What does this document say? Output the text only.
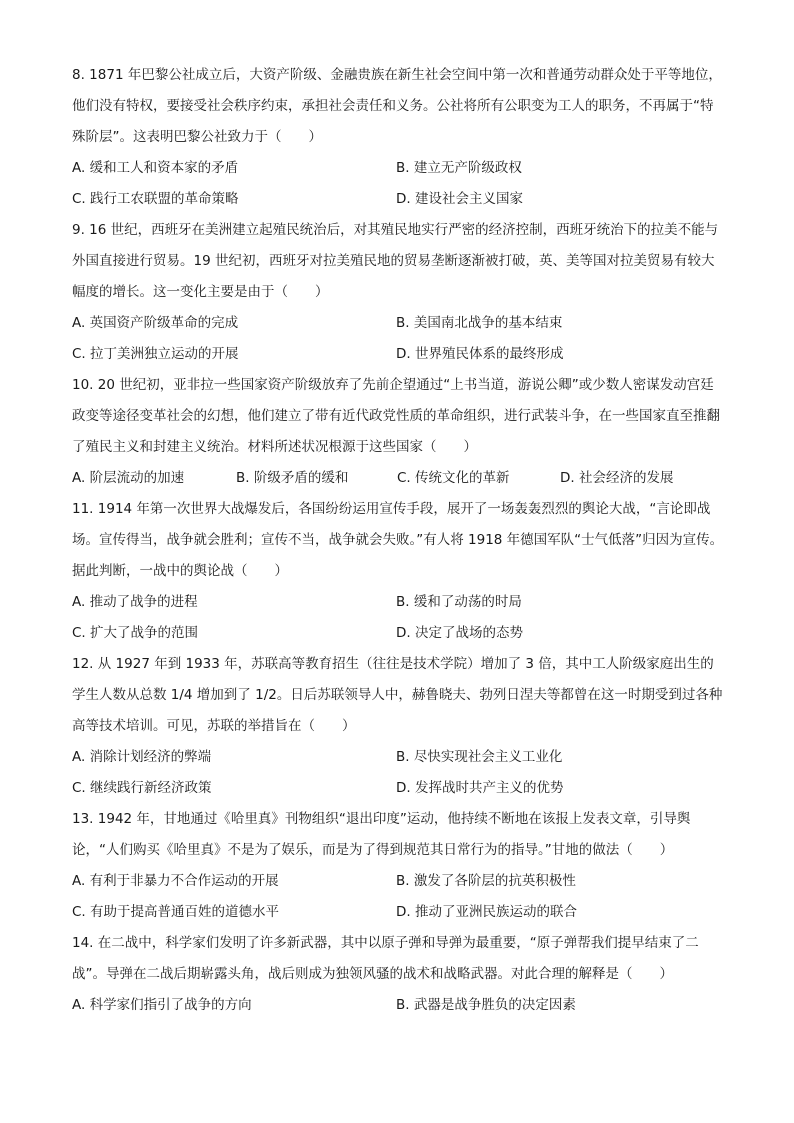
8. 1871 年巴黎公社成立后，大资产阶级、金融贵族在新生社会空间中第一次和普通劳动群众处于平等地位，他们没有特权，要接受社会秩序约束，承担社会责任和义务。公社将所有公职变为工人的职务，不再属于“特殊阶层”。这表明巴黎公社致力于（　　）

A. 缓和工人和资本家的矛盾	B. 建立无产阶级政权
C. 践行工农联盟的革命策略	D. 建设社会主义国家

9. 16 世纪，西班牙在美洲建立起殖民统治后，对其殖民地实行严密的经济控制，西班牙统治下的拉美不能与外国直接进行贸易。19 世纪初，西班牙对拉美殖民地的贸易垄断逐渐被打破，英、美等国对拉美贸易有较大幅度的增长。这一变化主要是由于（　　）

A. 英国资产阶级革命的完成	B. 美国南北战争的基本结束
C. 拉丁美洲独立运动的开展	D. 世界殖民体系的最终形成

10. 20 世纪初，亚非拉一些国家资产阶级放弃了先前企望通过“上书当道，游说公卿”或少数人密谋发动宫廷政变等途径变革社会的幻想，他们建立了带有近代政党性质的革命组织，进行武装斗争，在一些国家直至推翻了殖民主义和封建主义统治。材料所述状况根源于这些国家（　　）

A. 阶层流动的加速	B. 阶级矛盾的缓和	C. 传统文化的革新	D. 社会经济的发展

11. 1914 年第一次世界大战爆发后，各国纷纷运用宣传手段，展开了一场轰轰烈烈的舆论大战，“言论即战场。宣传得当，战争就会胜利；宣传不当，战争就会失败。”有人将 1918 年德国军队“士气低落”归因为宣传。据此判断，一战中的舆论战（　　）

A. 推动了战争的进程	B. 缓和了动荡的时局
C. 扩大了战争的范围	D. 决定了战场的态势

12. 从 1927 年到 1933 年，苏联高等教育招生（往往是技术学院）增加了 3 倍，其中工人阶级家庭出生的学生人数从总数 1/4 增加到了 1/2。日后苏联领导人中，赫鲁晓夫、勃列日涅夫等都曾在这一时期受到过各种高等技术培训。可见，苏联的举措旨在（　　）

A. 消除计划经济的弊端	B. 尽快实现社会主义工业化
C. 继续践行新经济政策	D. 发挥战时共产主义的优势

13. 1942 年，甘地通过《哈里真》刊物组织“退出印度”运动，他持续不断地在该报上发表文章，引导舆论，“人们购买《哈里真》不是为了娱乐，而是为了得到规范其日常行为的指导。”甘地的做法（　　）

A. 有利于非暴力不合作运动的开展	B. 激发了各阶层的抗英积极性
C. 有助于提高普通百姓的道德水平	D. 推动了亚洲民族运动的联合

14. 在二战中，科学家们发明了许多新武器，其中以原子弹和导弹为最重要，“原子弹帮我们提早结束了二战”。导弹在二战后期崭露头角，战后则成为独领风骚的战术和战略武器。对此合理的解释是（　　）

A. 科学家们指引了战争的方向	B. 武器是战争胜负的决定因素
